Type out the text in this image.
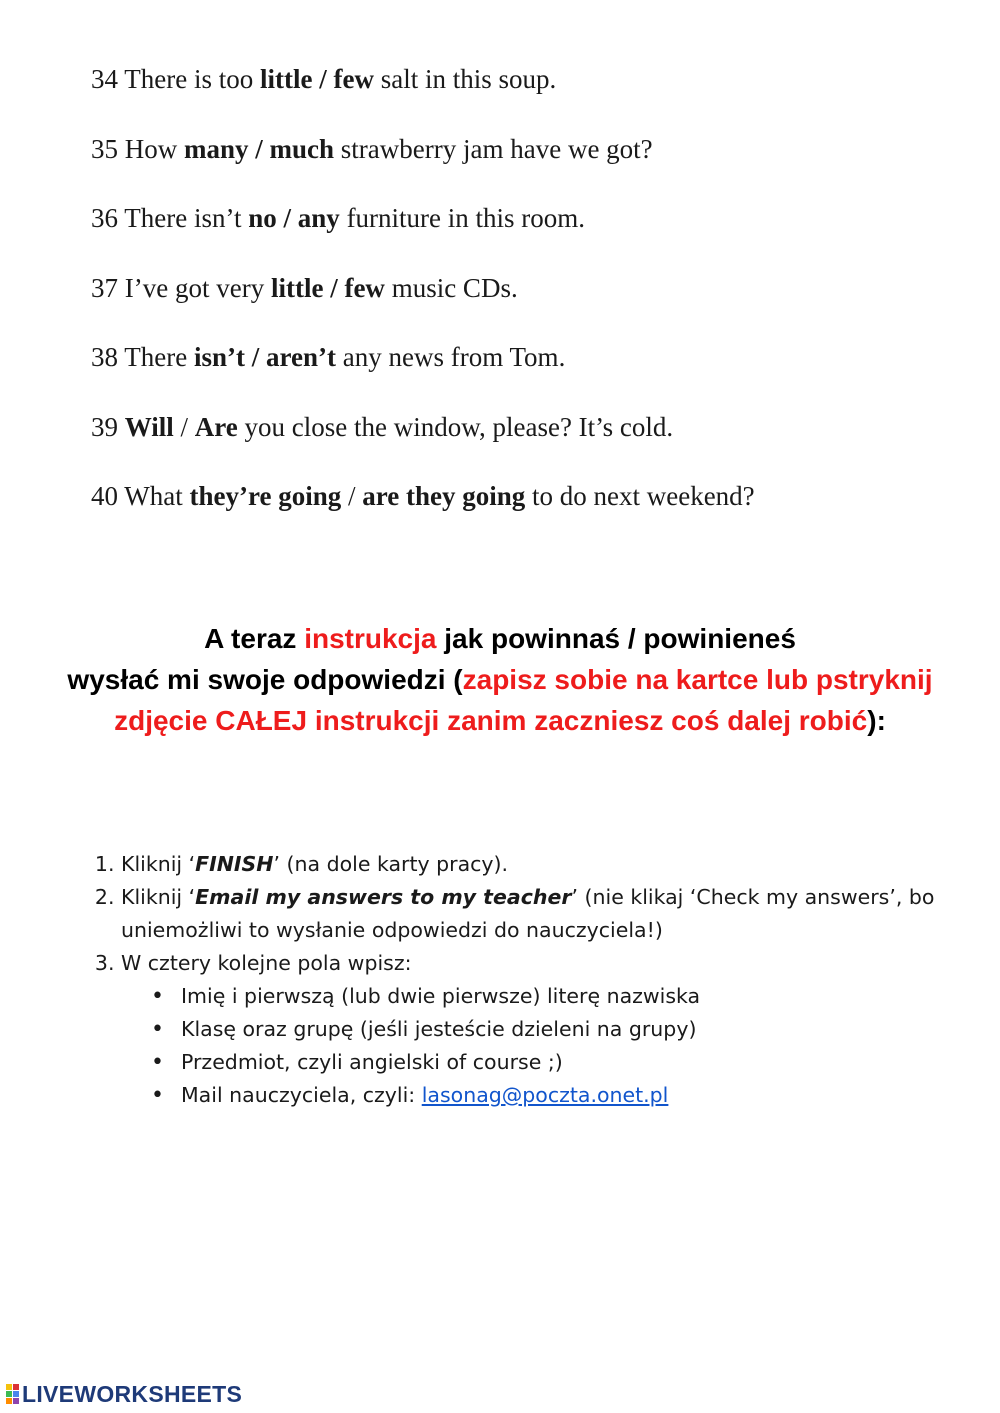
34 There is too little / few salt in this soup.
35 How many / much strawberry jam have we got?
36 There isn’t no / any furniture in this room.
37 I’ve got very little / few music CDs.
38 There isn’t / aren’t any news from Tom.
39 Will / Are you close the window, please? It’s cold.
40 What they’re going / are they going to do next weekend?
A teraz instrukcja jak powinnaś / powinieneś
wysłać mi swoje odpowiedzi (zapisz sobie na kartce lub pstryknij zdjęcie CAŁEJ instrukcji zanim zaczniesz coś dalej robić):
1. Kliknij ‘FINISH’ (na dole karty pracy).
2. Kliknij ‘Email my answers to my teacher’ (nie klikaj ‘Check my answers’, bo uniemożliwi to wysłanie odpowiedzi do nauczyciela!)
3. W cztery kolejne pola wpisz:
• Imię i pierwszą (lub dwie pierwsze) literę nazwiska
• Klasę oraz grupę (jeśli jesteście dzieleni na grupy)
• Przedmiot, czyli angielski of course ;)
• Mail nauczyciela, czyli: lasonag@poczta.onet.pl
LIVEWORKSHEETS
